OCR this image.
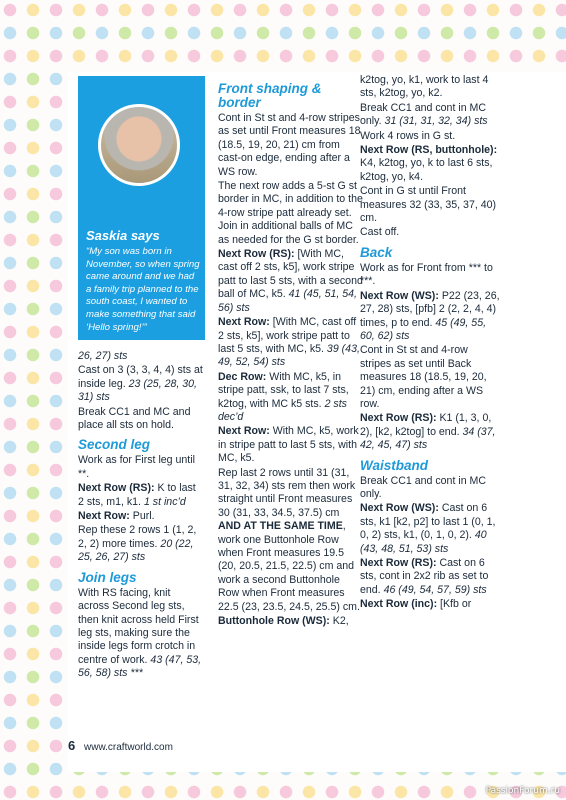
Saskia says
“My son was born in November, so when spring came around and we had a family trip planned to the south coast, I wanted to make something that said ‘Hello spring!’”

26, 27) sts

Cast on 3 (3, 3, 4, 4) sts at inside leg. 23 (25, 28, 30, 31) sts

Break CC1 and MC and place all sts on hold.

Second leg

Work as for First leg until **.

Next Row (RS): K to last 2 sts, m1, k1. 1 st inc’d

Next Row: Purl.

Rep these 2 rows 1 (1, 2, 2, 2) more times. 20 (22, 25, 26, 27) sts

Join legs

With RS facing, knit across Second leg sts, then knit across held First leg sts, making sure the inside legs form crotch in centre of work. 43 (47, 53, 56, 58) sts ***

Front shaping & border

Cont in St st and 4-row stripes as set until Front measures 18 (18.5, 19, 20, 21) cm from cast-on edge, ending after a WS row.

The next row adds a 5-st G st border in MC, in addition to the 4-row stripe patt already set. Join in additional balls of MC as needed for the G st border.

Next Row (RS): [With MC, cast off 2 sts, k5], work stripe patt to last 5 sts, with a second ball of MC, k5. 41 (45, 51, 54, 56) sts

Next Row: [With MC, cast off 2 sts, k5], work stripe patt to last 5 sts, with MC, k5. 39 (43, 49, 52, 54) sts

Dec Row: With MC, k5, in stripe patt, ssk, to last 7 sts, k2tog, with MC k5 sts. 2 sts dec’d

Next Row: With MC, k5, work in stripe patt to last 5 sts, with MC, k5.

Rep last 2 rows until 31 (31, 31, 32, 34) sts rem then work straight until Front measures 30 (31, 33, 34.5, 37.5) cm AND AT THE SAME TIME, work one Buttonhole Row when Front measures 19.5 (20, 20.5, 21.5, 22.5) cm and work a second Buttonhole Row when Front measures 22.5 (23, 23.5, 24.5, 25.5) cm.

Buttonhole Row (WS): K2,

k2tog, yo, k1, work to last 4 sts, k2tog, yo, k2.

Break CC1 and cont in MC only. 31 (31, 31, 32, 34) sts

Work 4 rows in G st.

Next Row (RS, buttonhole): K4, k2tog, yo, k to last 6 sts, k2tog, yo, k4.

Cont in G st until Front measures 32 (33, 35, 37, 40) cm.

Cast off.

Back

Work as for Front from *** to ***.

Next Row (WS): P22 (23, 26, 27, 28) sts, [pfb] 2 (2, 2, 4, 4) times, p to end. 45 (49, 55, 60, 62) sts

Cont in St st and 4-row stripes as set until Back measures 18 (18.5, 19, 20, 21) cm, ending after a WS row.

Next Row (RS): K1 (1, 3, 0, 2), [k2, k2tog] to end. 34 (37, 42, 45, 47) sts

Waistband

Break CC1 and cont in MC only.

Next Row (WS): Cast on 6 sts, k1 [k2, p2] to last 1 (0, 1, 0, 2) sts, k1, (0, 1, 0, 2). 40 (43, 48, 51, 53) sts

Next Row (RS): Cast on 6 sts, cont in 2x2 rib as set to end. 46 (49, 54, 57, 59) sts

Next Row (inc): [Kfb or

6 www.craftworld.com
PassionForum.ru
